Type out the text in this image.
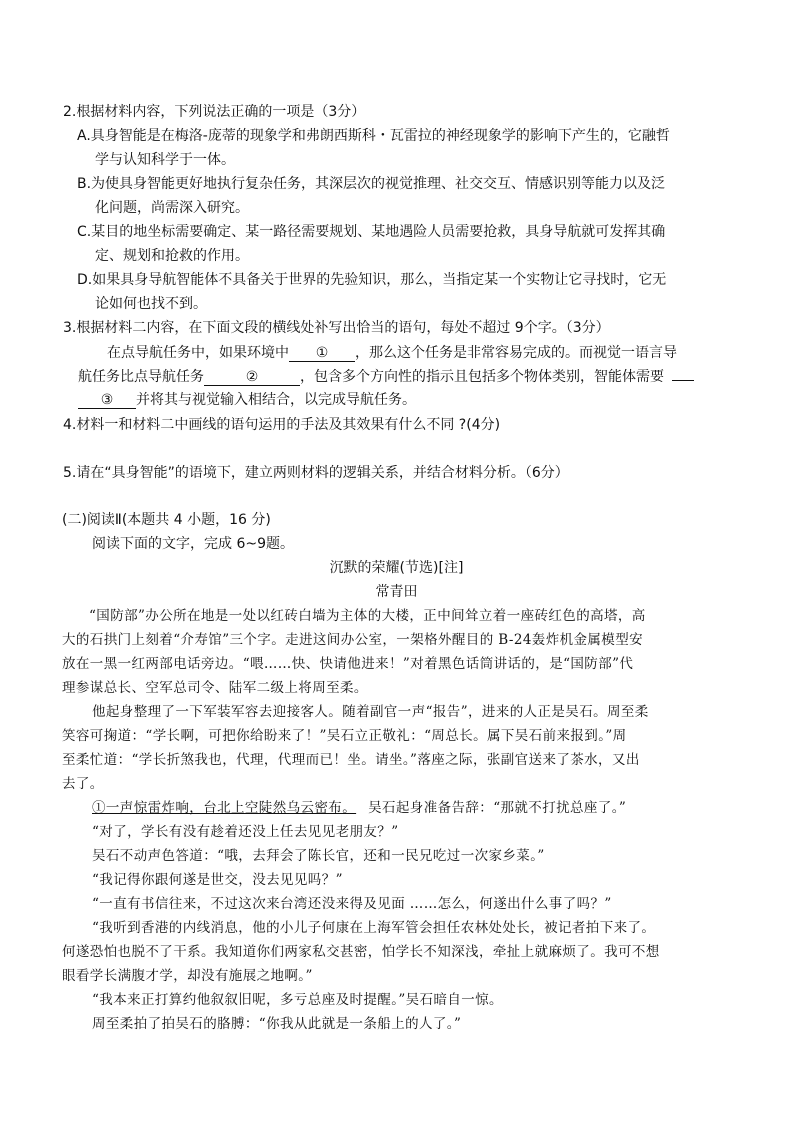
2.根据材料内容，下列说法正确的一项是（3分）
A.具身智能是在梅洛-庞蒂的现象学和弗朗西斯科・瓦雷拉的神经现象学的影响下产生的，它融哲
学与认知科学于一体。
B.为使具身智能更好地执行复杂任务，其深层次的视觉推理、社交交互、情感识别等能力以及泛
化问题，尚需深入研究。
C.某目的地坐标需要确定、某一路径需要规划、某地遇险人员需要抢救，具身导航就可发挥其确
定、规划和抢救的作用。
D.如果具身导航智能体不具备关于世界的先验知识，那么，当指定某一个实物让它寻找时，它无
论如何也找不到。
3.根据材料二内容，在下面文段的横线处补写出恰当的语句，每处不超过 9个字。（3分）
在点导航任务中，如果环境中 ① ，那么这个任务是非常容易完成的。而视觉一语言导
航任务比点导航任务	②	，包含多个方向性的指示且包括多个物体类别，智能体需要
③ 并将其与视觉输入相结合，以完成导航任务。
4.材料一和材料二中画线的语句运用的手法及其效果有什么不同 ?(4分)
5.请在“具身智能”的语境下，建立两则材料的逻辑关系，并结合材料分析。（6分）
(二)阅读Ⅱ(本题共 4 小题，16 分)
阅读下面的文字，完成 6~9题。
沉默的荣耀(节选)[注]
常青田
“国防部”办公所在地是一处以红砖白墙为主体的大楼，正中间耸立着一座砖红色的高塔，高
大的石拱门上刻着“介寿馆”三个字。走进这间办公室，一架格外醒目的 B-24轰炸机金属模型安
放在一黑一红两部电话旁边。“喂……快、快请他进来！”对着黑色话筒讲话的，是“国防部”代
理参谋总长、空军总司令、陆军二级上将周至柔。
他起身整理了一下军装军容去迎接客人。随着副官一声“报告”，进来的人正是吴石。周至柔
笑容可掬道：“学长啊，可把你给盼来了！”吴石立正敬礼：“周总长。属下吴石前来报到。”周
至柔忙道：“学长折煞我也，代理，代理而已！坐。请坐。”落座之际，张副官送来了茶水，又出
去了。
①一声惊雷炸响，台北上空陡然乌云密布。 吴石起身准备告辞：“那就不打扰总座了。”
“对了，学长有没有趁着还没上任去见见老朋友？”
吴石不动声色答道：“哦，去拜会了陈长官，还和一民兄吃过一次家乡菜。”
“我记得你跟何遂是世交，没去见见吗？”
“一直有书信往来，不过这次来台湾还没来得及见面 ……怎么，何遂出什么事了吗？”
“我听到香港的内线消息，他的小儿子何康在上海军管会担任农林处处长，被记者拍下来了。
何遂恐怕也脱不了干系。我知道你们两家私交甚密，怕学长不知深浅，牵扯上就麻烦了。我可不想
眼看学长满腹才学，却没有施展之地啊。”
“我本来正打算约他叙叙旧呢，多亏总座及时提醒。”吴石暗自一惊。
周至柔拍了拍吴石的胳膊：“你我从此就是一条船上的人了。”
